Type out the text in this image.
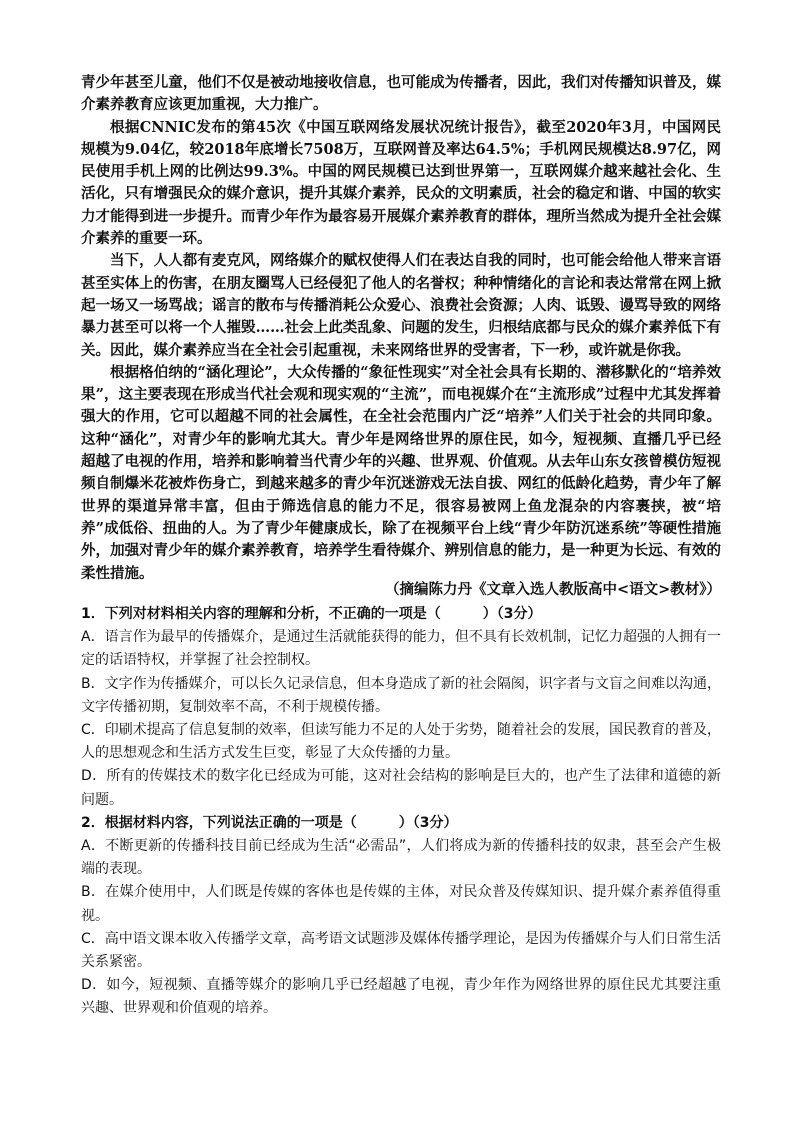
青少年甚至儿童，他们不仅是被动地接收信息，也可能成为传播者，因此，我们对传播知识普及，媒介素养教育应该更加重视，大力推广。

根据CNNIC发布的第45次《中国互联网络发展状况统计报告》，截至2020年3月，中国网民规模为9.04亿，较2018年底增长7508万，互联网普及率达64.5%；手机网民规模达8.97亿，网民使用手机上网的比例达99.3%。中国的网民规模已达到世界第一，互联网媒介越来越社会化、生活化，只有增强民众的媒介意识，提升其媒介素养，民众的文明素质，社会的稳定和谐、中国的软实力才能得到进一步提升。而青少年作为最容易开展媒介素养教育的群体，理所当然成为提升全社会媒介素养的重要一环。

当下，人人都有麦克风，网络媒介的赋权使得人们在表达自我的同时，也可能会给他人带来言语甚至实体上的伤害，在朋友圈骂人已经侵犯了他人的名誉权；种种情绪化的言论和表达常常在网上掀起一场又一场骂战；谣言的散布与传播消耗公众爱心、浪费社会资源；人肉、诋毁、谩骂导致的网络暴力甚至可以将一个人摧毁……社会上此类乱象、问题的发生，归根结底都与民众的媒介素养低下有关。因此，媒介素养应当在全社会引起重视，未来网络世界的受害者，下一秒，或许就是你我。

根据格伯纳的“涵化理论”，大众传播的“象征性现实”对全社会具有长期的、潜移默化的“培养效果”，这主要表现在形成当代社会观和现实观的“主流”，而电视媒介在“主流形成”过程中尤其发挥着强大的作用，它可以超越不同的社会属性，在全社会范围内广泛“培养”人们关于社会的共同印象。这种“涵化”，对青少年的影响尤其大。青少年是网络世界的原住民，如今，短视频、直播几乎已经超越了电视的作用，培养和影响着当代青少年的兴趣、世界观、价值观。从去年山东女孩曾模仿短视频自制爆米花被炸伤身亡，到越来越多的青少年沉迷游戏无法自拔、网红的低龄化趋势，青少年了解世界的渠道异常丰富，但由于筛选信息的能力不足，很容易被网上鱼龙混杂的内容裹挟，被“培养”成低俗、扭曲的人。为了青少年健康成长，除了在视频平台上线“青少年防沉迷系统”等硬性措施外，加强对青少年的媒介素养教育，培养学生看待媒介、辨别信息的能力，是一种更为长远、有效的柔性措施。

（摘编陈力丹《文章入选人教版高中<语文>教材》）

1．下列对材料相关内容的理解和分析，不正确的一项是（　　　）（3分）

A．语言作为最早的传播媒介，是通过生活就能获得的能力，但不具有长效机制，记忆力超强的人拥有一定的话语特权，并掌握了社会控制权。

B．文字作为传播媒介，可以长久记录信息，但本身造成了新的社会隔阂，识字者与文盲之间难以沟通，文字传播初期，复制效率不高，不利于规模传播。

C．印刷术提高了信息复制的效率，但读写能力不足的人处于劣势，随着社会的发展，国民教育的普及，人的思想观念和生活方式发生巨变，彰显了大众传播的力量。

D．所有的传媒技术的数字化已经成为可能，这对社会结构的影响是巨大的，也产生了法律和道德的新问题。

2．根据材料内容，下列说法正确的一项是（　　　）（3分）

A．不断更新的传播科技目前已经成为生活“必需品”，人们将成为新的传播科技的奴隶，甚至会产生极端的表现。

B．在媒介使用中，人们既是传媒的客体也是传媒的主体，对民众普及传媒知识、提升媒介素养值得重视。

C．高中语文课本收入传播学文章，高考语文试题涉及媒体传播学理论，是因为传播媒介与人们日常生活关系紧密。

D．如今，短视频、直播等媒介的影响几乎已经超越了电视，青少年作为网络世界的原住民尤其要注重兴趣、世界观和价值观的培养。
